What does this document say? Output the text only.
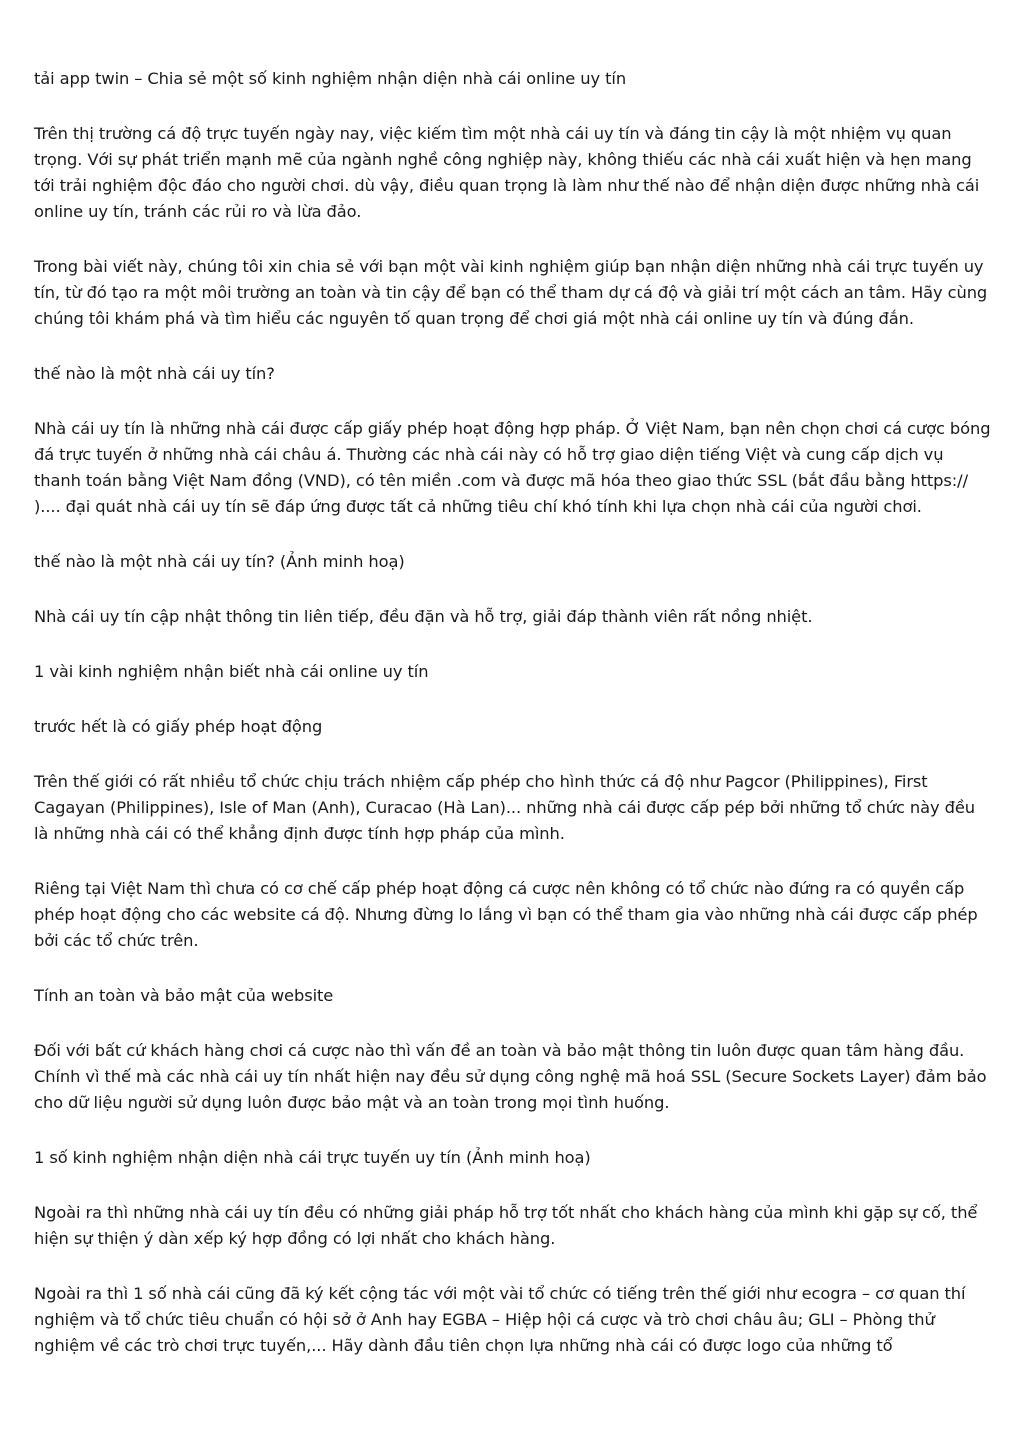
tải app twin – Chia sẻ một số kinh nghiệm nhận diện nhà cái online uy tín

Trên thị trường cá độ trực tuyến ngày nay, việc kiếm tìm một nhà cái uy tín và đáng tin cậy là một nhiệm vụ quan trọng. Với sự phát triển mạnh mẽ của ngành nghề công nghiệp này, không thiếu các nhà cái xuất hiện và hẹn mang tới trải nghiệm độc đáo cho người chơi. dù vậy, điều quan trọng là làm như thế nào để nhận diện được những nhà cái online uy tín, tránh các rủi ro và lừa đảo.

Trong bài viết này, chúng tôi xin chia sẻ với bạn một vài kinh nghiệm giúp bạn nhận diện những nhà cái trực tuyến uy tín, từ đó tạo ra một môi trường an toàn và tin cậy để bạn có thể tham dự cá độ và giải trí một cách an tâm. Hãy cùng chúng tôi khám phá và tìm hiểu các nguyên tố quan trọng để chơi giá một nhà cái online uy tín và đúng đắn.

thế nào là một nhà cái uy tín?

Nhà cái uy tín là những nhà cái được cấp giấy phép hoạt động hợp pháp. Ở Việt Nam, bạn nên chọn chơi cá cược bóng đá trực tuyến ở những nhà cái châu á. Thường các nhà cái này có hỗ trợ giao diện tiếng Việt và cung cấp dịch vụ thanh toán bằng Việt Nam đồng (VND), có tên miền .com và được mã hóa theo giao thức SSL (bắt đầu bằng https:// ).... đại quát nhà cái uy tín sẽ đáp ứng được tất cả những tiêu chí khó tính khi lựa chọn nhà cái của người chơi.

thế nào là một nhà cái uy tín? (Ảnh minh hoạ)

Nhà cái uy tín cập nhật thông tin liên tiếp, đều đặn và hỗ trợ, giải đáp thành viên rất nồng nhiệt.

1 vài kinh nghiệm nhận biết nhà cái online uy tín

trước hết là có giấy phép hoạt động

Trên thế giới có rất nhiều tổ chức chịu trách nhiệm cấp phép cho hình thức cá độ như Pagcor (Philippines), First Cagayan (Philippines), Isle of Man (Anh), Curacao (Hà Lan)... những nhà cái được cấp pép bởi những tổ chức này đều là những nhà cái có thể khẳng định được tính hợp pháp của mình.

Riêng tại Việt Nam thì chưa có cơ chế cấp phép hoạt động cá cược nên không có tổ chức nào đứng ra có quyền cấp phép hoạt động cho các website cá độ. Nhưng đừng lo lắng vì bạn có thể tham gia vào những nhà cái được cấp phép bởi các tổ chức trên.

Tính an toàn và bảo mật của website

Đối với bất cứ khách hàng chơi cá cược nào thì vấn đề an toàn và bảo mật thông tin luôn được quan tâm hàng đầu. Chính vì thế mà các nhà cái uy tín nhất hiện nay đều sử dụng công nghệ mã hoá SSL (Secure Sockets Layer) đảm bảo cho dữ liệu người sử dụng luôn được bảo mật và an toàn trong mọi tình huống.

1 số kinh nghiệm nhận diện nhà cái trực tuyến uy tín (Ảnh minh hoạ)

Ngoài ra thì những nhà cái uy tín đều có những giải pháp hỗ trợ tốt nhất cho khách hàng của mình khi gặp sự cố, thể hiện sự thiện ý dàn xếp ký hợp đồng có lợi nhất cho khách hàng.

Ngoài ra thì 1 số nhà cái cũng đã ký kết cộng tác với một vài tổ chức có tiếng trên thế giới như ecogra – cơ quan thí nghiệm và tổ chức tiêu chuẩn có hội sở ở Anh hay EGBA – Hiệp hội cá cược và trò chơi châu âu; GLI – Phòng thử nghiệm về các trò chơi trực tuyến,... Hãy dành đầu tiên chọn lựa những nhà cái có được logo của những tổ
